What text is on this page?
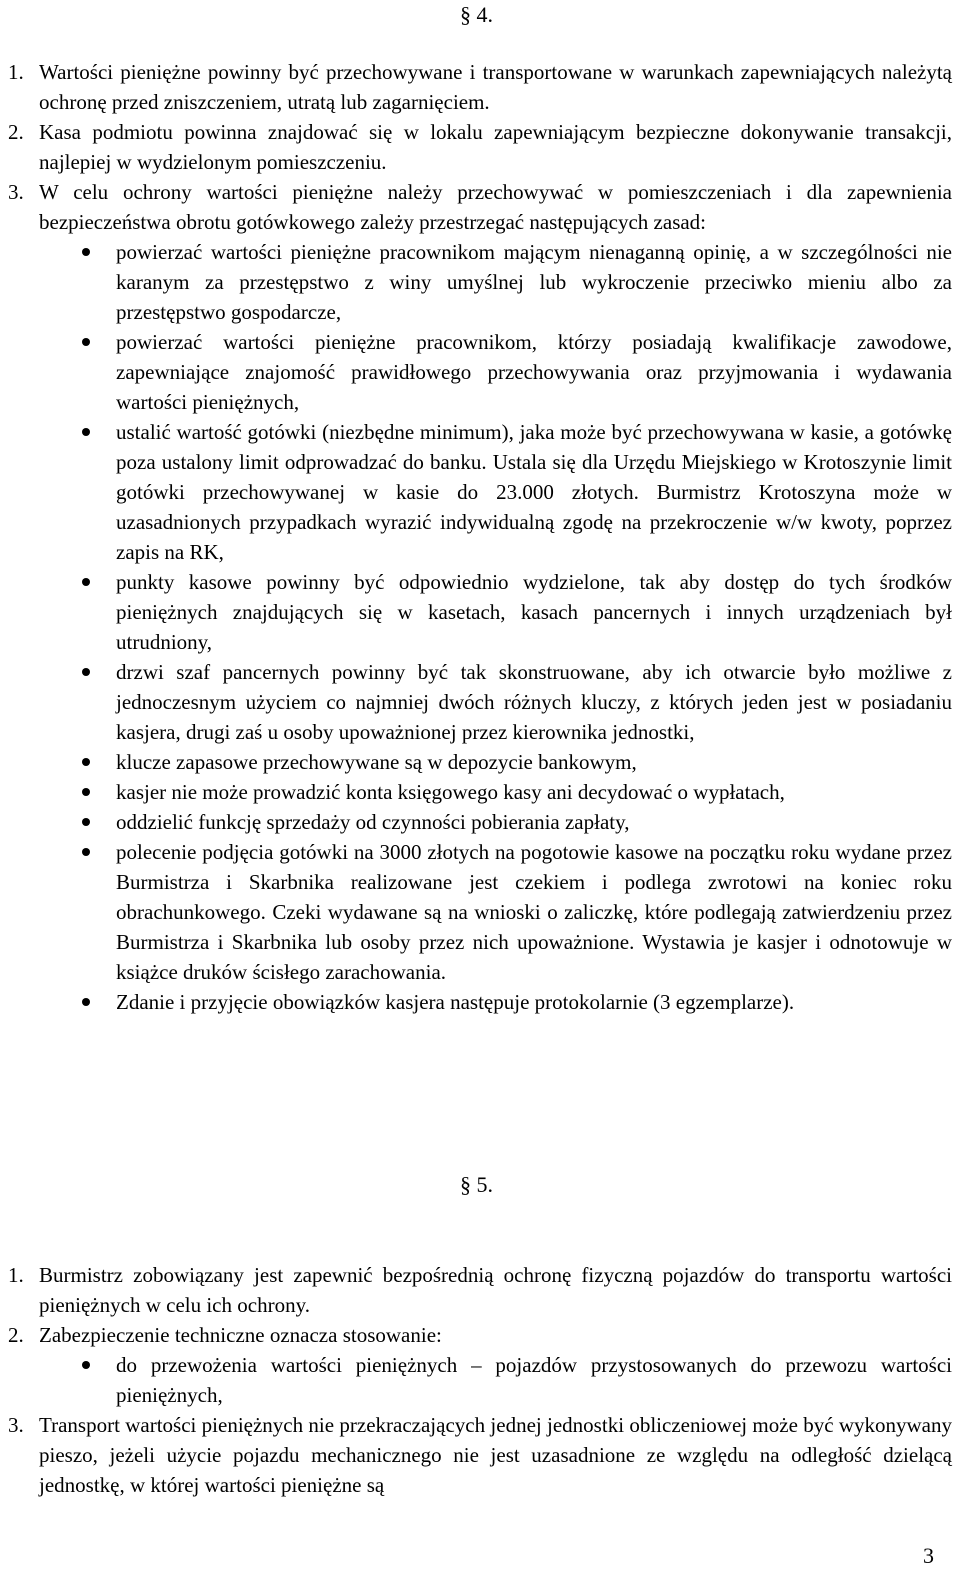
§ 4.
1. Wartości pieniężne powinny być przechowywane i transportowane w warunkach zapewniających należytą ochronę przed zniszczeniem, utratą lub zagarnięciem.
2. Kasa podmiotu powinna znajdować się w lokalu zapewniającym bezpieczne dokonywanie transakcji, najlepiej w wydzielonym pomieszczeniu.
3. W celu ochrony wartości pieniężne należy przechowywać w pomieszczeniach i dla zapewnienia bezpieczeństwa obrotu gotówkowego zależy przestrzegać następujących zasad:
powierzać wartości pieniężne pracownikom mającym nienaganną opinię, a w szczególności nie karanym za przestępstwo z winy umyślnej lub wykroczenie przeciwko mieniu albo za przestępstwo gospodarcze,
powierzać wartości pieniężne pracownikom, którzy posiadają kwalifikacje zawodowe, zapewniające znajomość prawidłowego przechowywania oraz przyjmowania i wydawania wartości pieniężnych,
ustalić wartość gotówki (niezbędne minimum), jaka może być przechowywana w kasie, a gotówkę poza ustalony limit odprowadzać do banku. Ustala się dla Urzędu Miejskiego w Krotoszynie limit gotówki przechowywanej w kasie do 23.000 złotych. Burmistrz Krotoszyna może w uzasadnionych przypadkach wyrazić indywidualną zgodę na przekroczenie w/w kwoty, poprzez zapis na RK,
punkty kasowe powinny być odpowiednio wydzielone, tak aby dostęp do tych środków pieniężnych znajdujących się w kasetach, kasach pancernych i innych urządzeniach był utrudniony,
drzwi szaf pancernych powinny być tak skonstruowane, aby ich otwarcie było możliwe z jednoczesnym użyciem co najmniej dwóch różnych kluczy, z których jeden jest w posiadaniu kasjera, drugi zaś u osoby upoważnionej przez kierownika jednostki,
klucze zapasowe przechowywane są w depozycie bankowym,
kasjer nie może prowadzić konta księgowego kasy ani decydować o wypłatach,
oddzielić funkcję sprzedaży od czynności pobierania zapłaty,
polecenie podjęcia gotówki na 3000 złotych na pogotowie kasowe na początku roku wydane przez Burmistrza i Skarbnika realizowane jest czekiem i podlega zwrotowi na koniec roku obrachunkowego. Czeki wydawane są na wnioski o zaliczkę, które podlegają zatwierdzeniu przez Burmistrza i Skarbnika lub osoby przez nich upoważnione. Wystawia je kasjer i odnotowuje w książce druków ścisłego zarachowania.
Zdanie i przyjęcie obowiązków kasjera następuje protokolarnie (3 egzemplarze).
§ 5.
1. Burmistrz zobowiązany jest zapewnić bezpośrednią ochronę fizyczną pojazdów do transportu wartości pieniężnych w celu ich ochrony.
2. Zabezpieczenie techniczne oznacza stosowanie:
do przewożenia wartości pieniężnych – pojazdów przystosowanych do przewozu wartości pieniężnych,
3. Transport wartości pieniężnych nie przekraczających jednej jednostki obliczeniowej może być wykonywany pieszo, jeżeli użycie pojazdu mechanicznego nie jest uzasadnione ze względu na odległość dzielącą jednostkę, w której wartości pieniężne są
3
